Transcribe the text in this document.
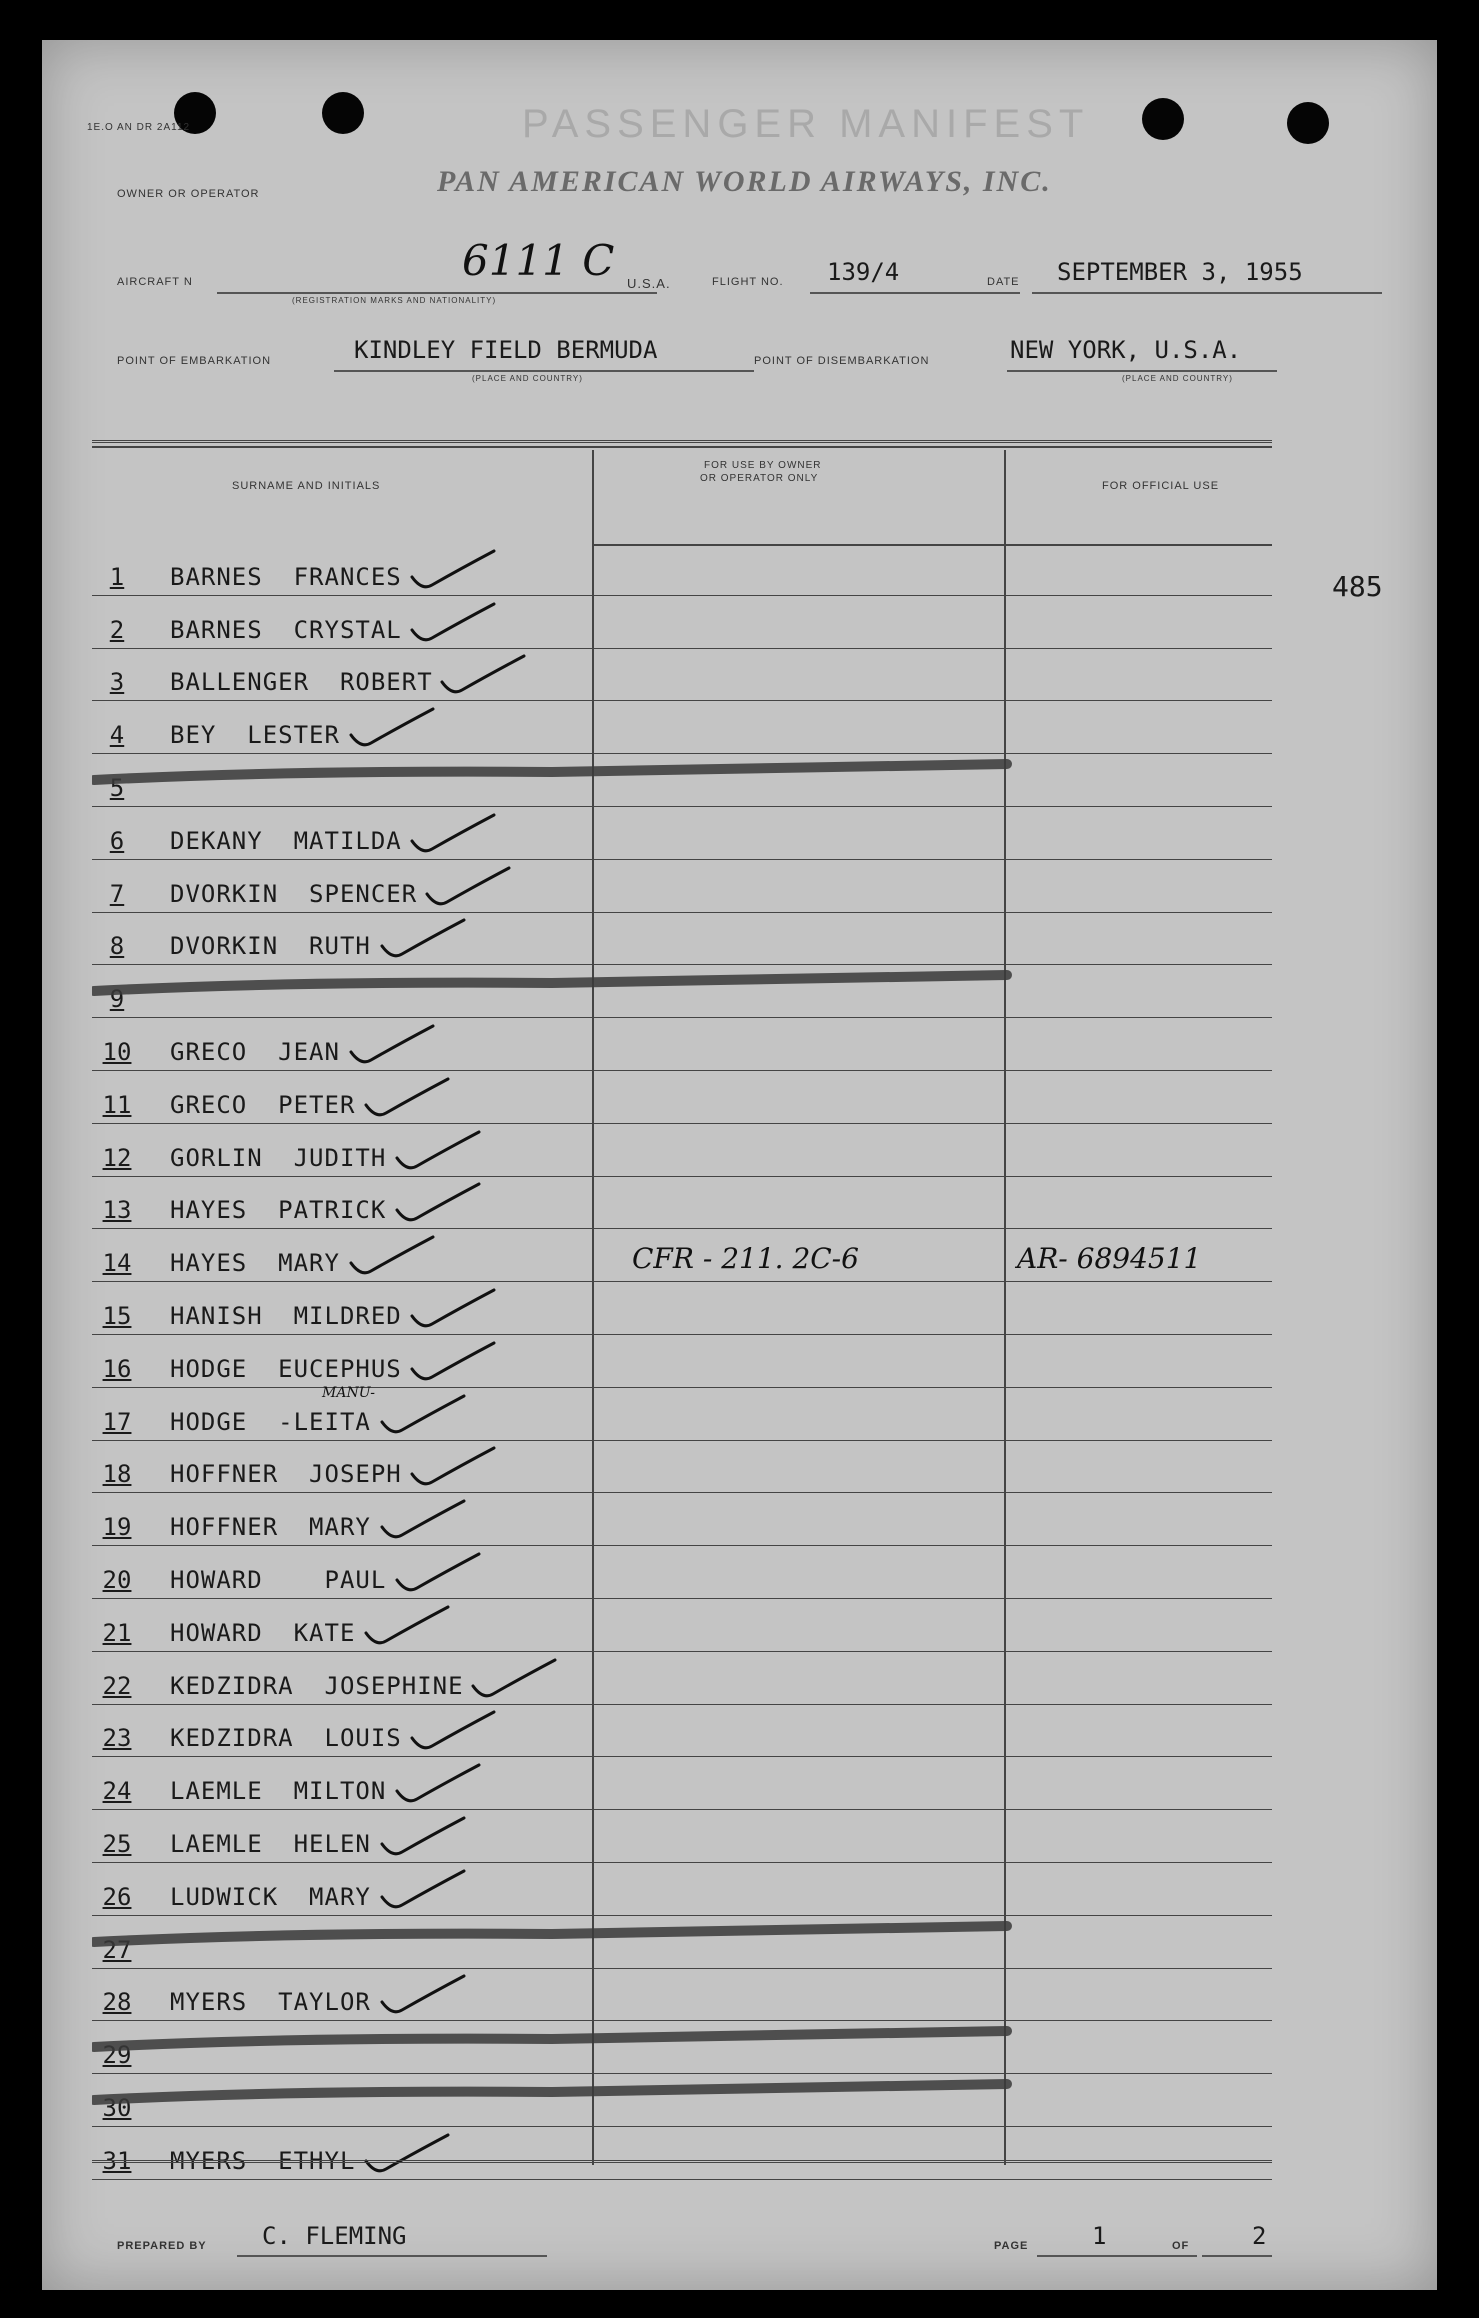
1E.O AN DR 2A112	PASSENGER MANIFEST
OWNER OR OPERATOR	PAN AMERICAN WORLD AIRWAYS, INC.
AIRCRAFT N	6111 C
(REGISTRATION MARKS AND NATIONALITY)
U.S.A.	FLIGHT NO. 139/4	DATE SEPTEMBER 3, 1955
POINT OF EMBARKATION	KINDLEY FIELD BERMUDA
(PLACE AND COUNTRY)
POINT OF DISEMBARKATION	NEW YORK, U.S.A.
(PLACE AND COUNTRY)
485
SURNAME AND INITIALS
FOR USE BY OWNER
OR OPERATOR ONLY
FOR OFFICIAL USE
1	BARNES  FRANCES
2	BARNES  CRYSTAL
3	BALLENGER  ROBERT
4	BEY  LESTER
5
6	DEKANY  MATILDA
7	DVORKIN  SPENCER
8	DVORKIN  RUTH
9
10	GRECO  JEAN
11	GRECO  PETER
12	GORLIN  JUDITH
13	HAYES  PATRICK
14	HAYES  MARY	CFR - 211. 2C-6	AR- 6894511
15	HANISH  MILDRED
16	HODGE  EUCEPHUS
17	HODGE  -LEITA
MANU-
18	HOFFNER  JOSEPH
19	HOFFNER  MARY
20	HOWARD    PAUL
21	HOWARD  KATE
22	KEDZIDRA  JOSEPHINE
23	KEDZIDRA  LOUIS
24	LAEMLE  MILTON
25	LAEMLE  HELEN
26	LUDWICK  MARY
27
28	MYERS  TAYLOR
29
30
31	MYERS  ETHYL
PREPARED BY C. FLEMING	PAGE	1	OF	2
